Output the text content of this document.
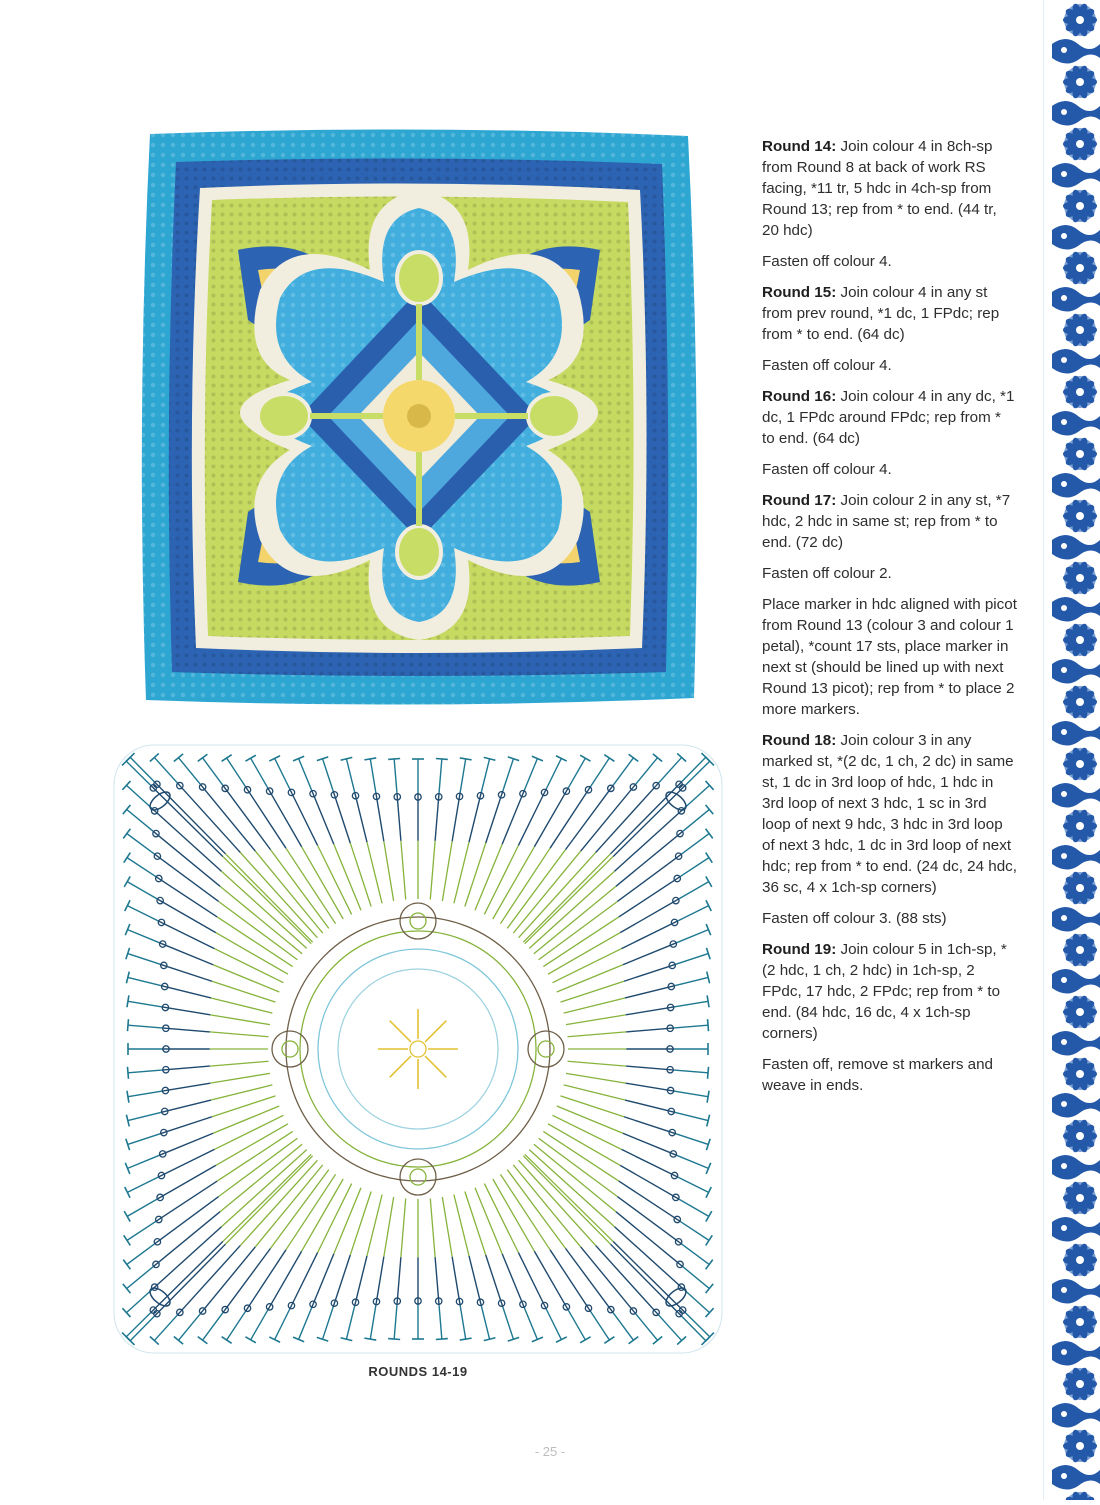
ROUNDS 14-19

Round 14: Join colour 4 in 8ch-sp from Round 8 at back of work RS facing, *11 tr, 5 hdc in 4ch-sp from Round 13; rep from * to end. (44 tr, 20 hdc)

Fasten off colour 4.

Round 15: Join colour 4 in any st from prev round, *1 dc, 1 FPdc; rep from * to end. (64 dc)

Fasten off colour 4.

Round 16: Join colour 4 in any dc, *1 dc, 1 FPdc around FPdc; rep from * to end. (64 dc)

Fasten off colour 4.

Round 17: Join colour 2 in any st, *7 hdc, 2 hdc in same st; rep from * to end. (72 dc)

Fasten off colour 2.

Place marker in hdc aligned with picot from Round 13 (colour 3 and colour 1 petal), *count 17 sts, place marker in next st (should be lined up with next Round 13 picot); rep from * to place 2 more markers.

Round 18: Join colour 3 in any marked st, *(2 dc, 1 ch, 2 dc) in same st, 1 dc in 3rd loop of hdc, 1 hdc in 3rd loop of next 3 hdc, 1 sc in 3rd loop of next 9 hdc, 3 hdc in 3rd loop of next 3 hdc, 1 dc in 3rd loop of next hdc; rep from * to end. (24 dc, 24 hdc, 36 sc, 4 x 1ch-sp corners)

Fasten off colour 3. (88 sts)

Round 19: Join colour 5 in 1ch-sp, *(2 hdc, 1 ch, 2 hdc) in 1ch-sp, 2 FPdc, 17 hdc, 2 FPdc; rep from * to end. (84 hdc, 16 dc, 4 x 1ch-sp corners)

Fasten off, remove st markers and weave in ends.

- 25 -
